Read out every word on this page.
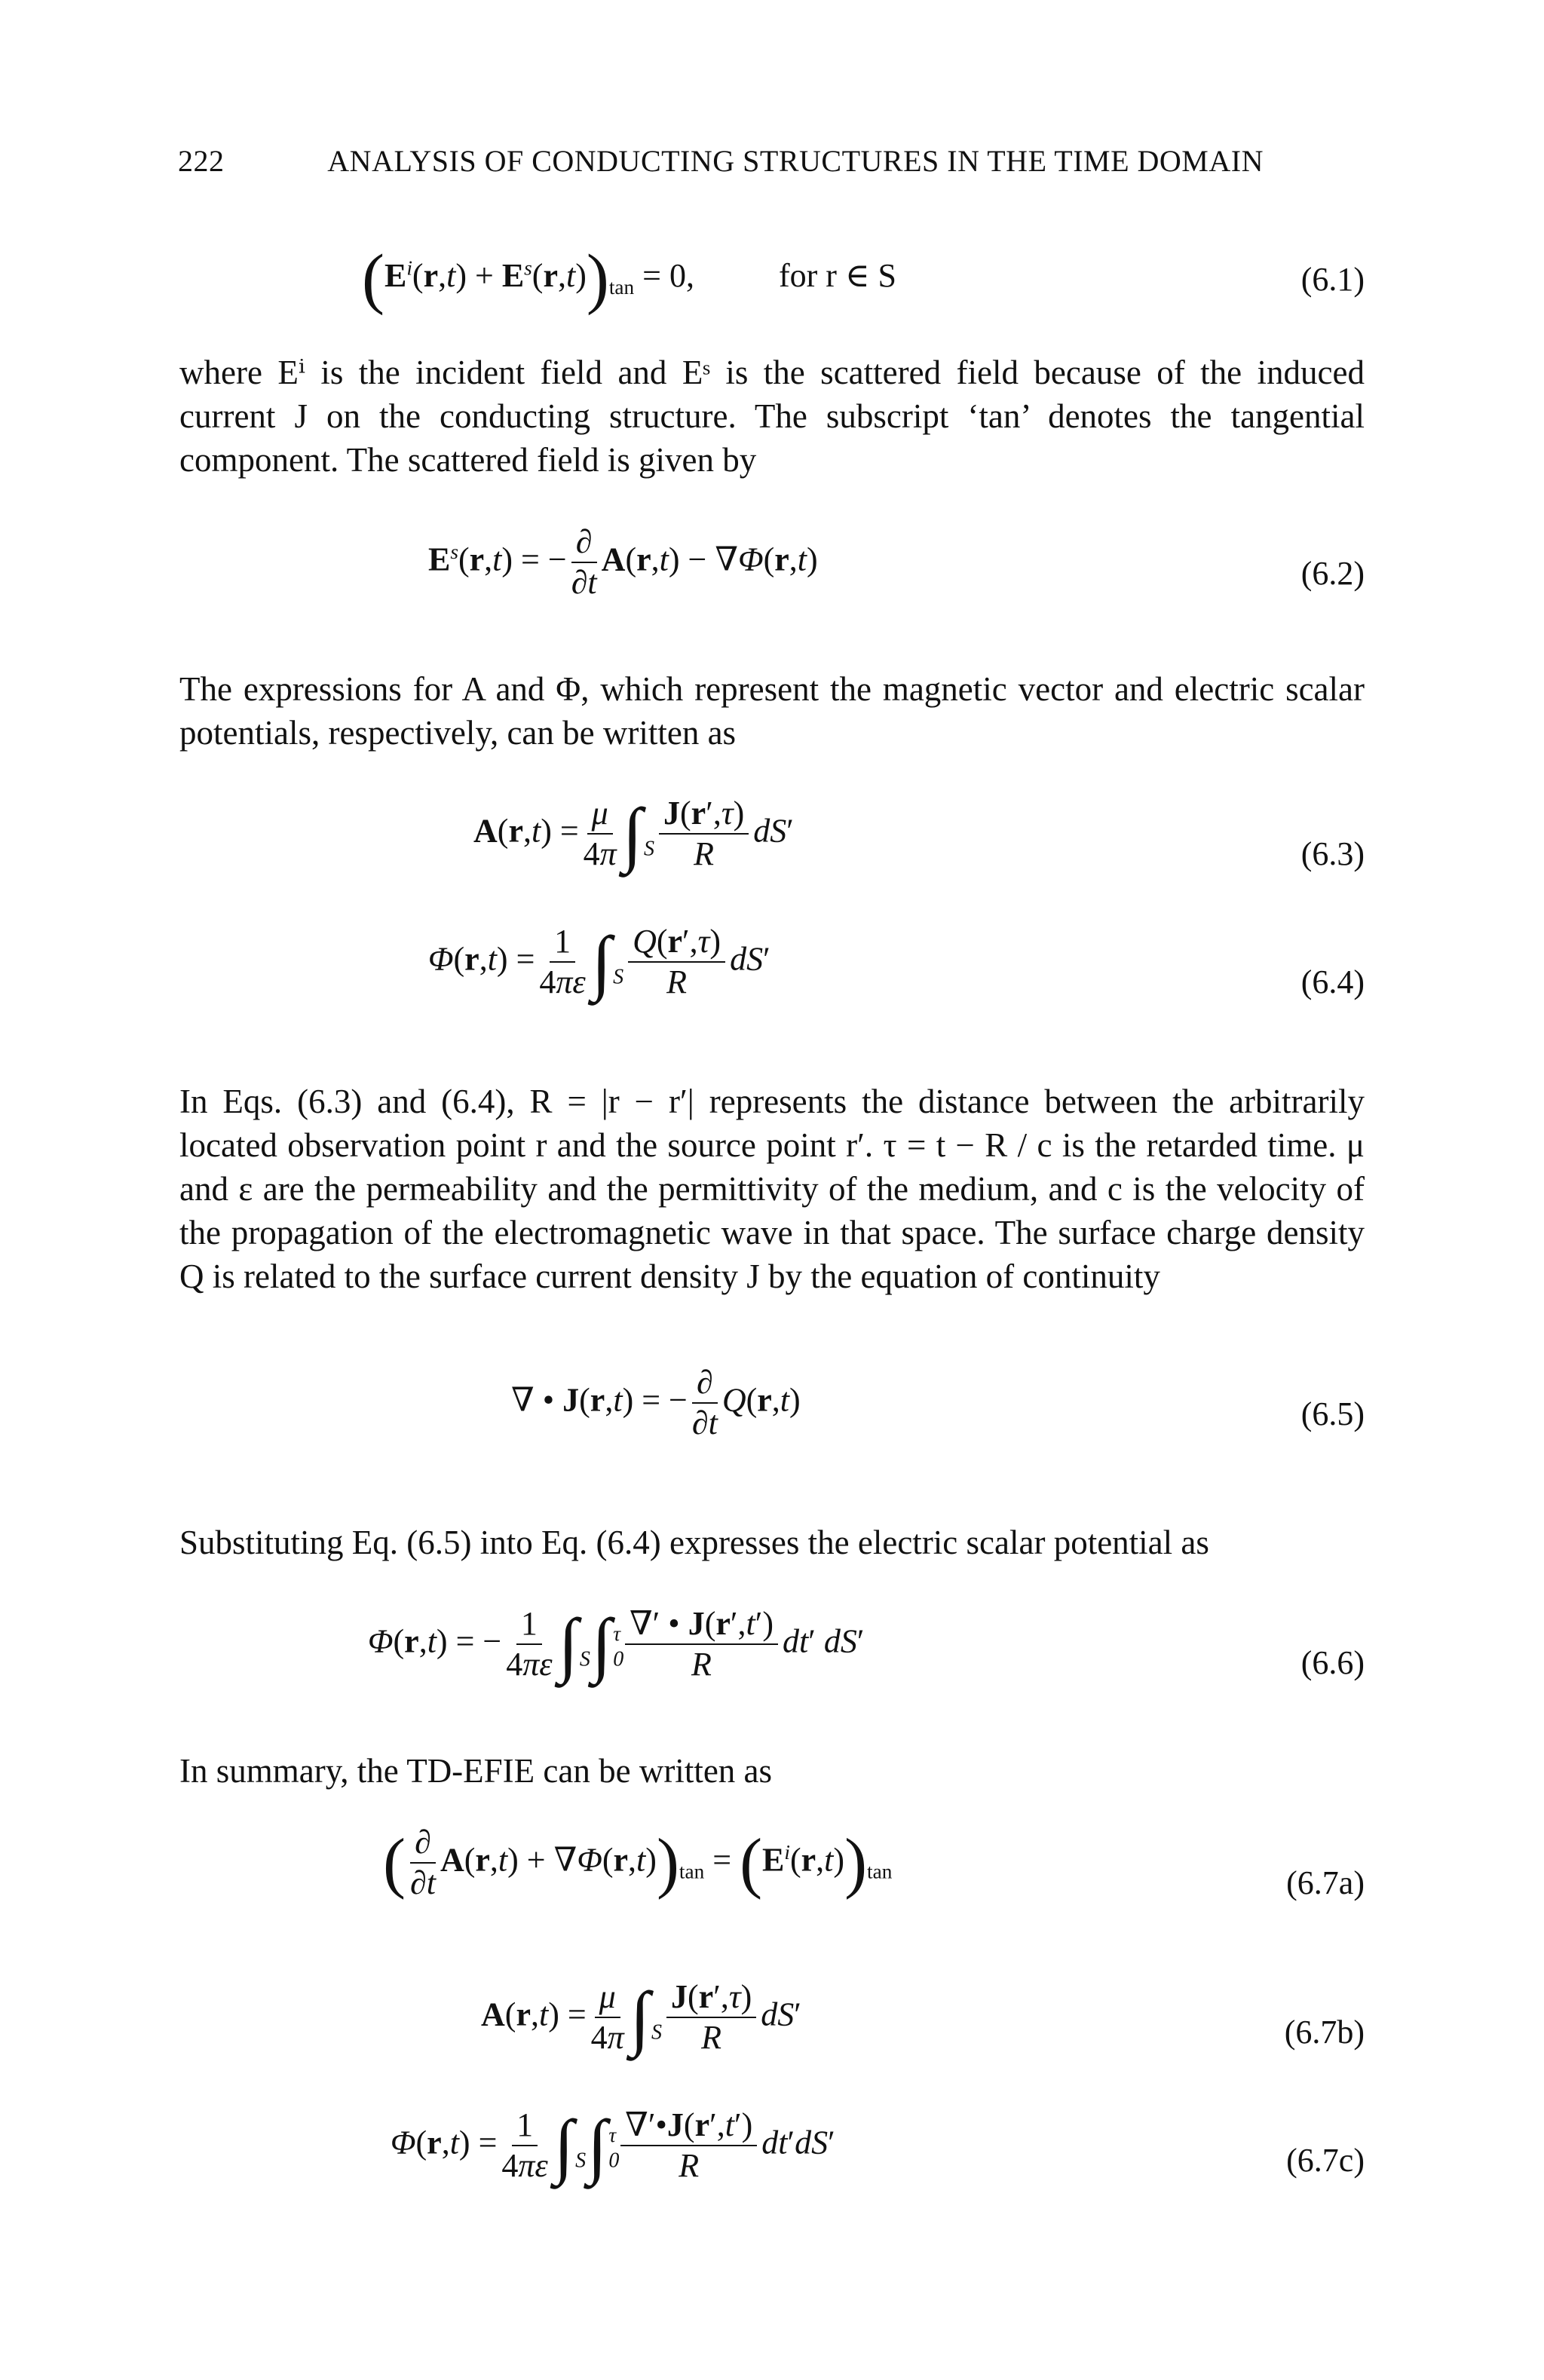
222	ANALYSIS OF CONDUCTING STRUCTURES IN THE TIME DOMAIN
$(E^i(r,t) + E^s(r,t))_{tan} = 0$,  for r ∈ S	(6.1)

where Eⁱ is the incident field and Eˢ is the scattered field because of the induced current J on the conducting structure. The subscript ‘tan’ denotes the tangential component. The scattered field is given by

$E^s(r,t)$ = − $\frac{\partial}{\partial t} A(r,t) - \nabla\Phi(r,t)$	(6.2)

The expressions for A and Φ, which represent the magnetic vector and electric scalar potentials, respectively, can be written as

$A(r,t) = \frac{\mu}{4\pi} \int_S \frac{J(r',\tau)}{R} dS'$
(6.3)
$\Phi(r,t) = \frac{1}{4\pi\varepsilon} \int_S \frac{Q(r',\tau)}{R} dS'$
(6.4)

In Eqs. (6.3) and (6.4), R = |r − r′| represents the distance between the arbitrarily located observation point r and the source point r′. τ = t − R / c is the retarded time. μ and ε are the permeability and the permittivity of the medium, and c is the velocity of the propagation of the electromagnetic wave in that space. The surface charge density Q is related to the surface current density J by the equation of continuity

∇ • J(r,t) = − $\frac{\partial}{\partial t} Q(r,t)$	(6.5)

Substituting Eq. (6.5) into Eq. (6.4) expresses the electric scalar potential as

Φ(r,t) = − $\frac{1}{4\pi\varepsilon} \int_S\int_0^\tau \frac{\nabla' • J(r',t')}{R} dt'$ dS′
(6.6)

In summary, the TD-EFIE can be written as

( $\frac{\partial}{\partial t} A(r,t) + \nabla\Phi(r,t))_{tan} = (E^i(r,t))_{tan}$	(6.7a)
$A(r,t) = \frac{\mu}{4\pi} \int_S \frac{J(r',\tau)}{R} dS'$	(6.7b)
$\Phi(r,t) = \frac{1}{4\pi\varepsilon} \int_S\int_0^\tau \frac{\nabla'•J(r',t')}{R} dt'dS'$	(6.7c)
